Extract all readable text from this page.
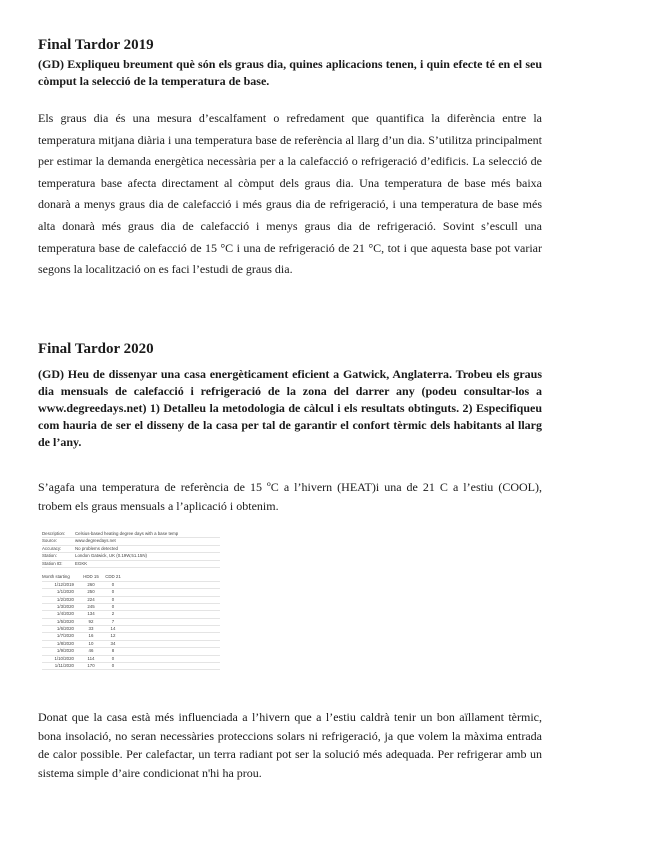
Final Tardor 2019

(GD) Expliqueu breument què són els graus dia, quines aplicacions tenen, i quin efecte té en el seu còmput la selecció de la temperatura de base.

Els graus dia és una mesura d’escalfament o refredament que quantifica la diferència entre la temperatura mitjana diària i una temperatura base de referència al llarg d’un dia. S’utilitza principalment per estimar la demanda energètica necessària per a la calefacció o refrigeració d’edificis. La selecció de temperatura base afecta directament al còmput dels graus dia. Una temperatura de base més baixa donarà a menys graus dia de calefacció i més graus dia de refrigeració, i una temperatura de base més alta donarà més graus dia de calefacció i menys graus dia de refrigeració. Sovint s’escull una temperatura base de calefacció de 15 °C i una de refrigeració de 21 °C, tot i que aquesta base pot variar segons la localització on es faci l’estudi de graus dia.

Final Tardor 2020

(GD) Heu de dissenyar una casa energèticament eficient a Gatwick, Anglaterra. Trobeu els graus dia mensuals de calefacció i refrigeració de la zona del darrer any (podeu consultar-los a www.degreedays.net) 1) Detalleu la metodologia de càlcul i els resultats obtinguts. 2) Especifiqueu com hauria de ser el disseny de la casa per tal de garantir el confort tèrmic dels habitants al llarg de l’any.

S’agafa una temperatura de referència de 15 ºC a l’hivern (HEAT)i una de 21 C a l’estiu (COOL), trobem els graus mensuals a l’aplicació i obtenim.

Description:	Celsius-based heating degree days with a base temp
Source:	www.degreedays.net
Accuracy:	No problems detected
Station:	London Gatwick, UK (0.19W,51.15N)
Station ID:	EGKK
Month starting	HDD 15	CDD 21
1/12/2019	260	0
1/1/2020	250	0
1/2/2020	224	0
1/3/2020	245	0
1/4/2020	134	2
1/5/2020	92	7
1/6/2020	33	14
1/7/2020	16	12
1/8/2020	10	34
1/9/2020	46	8
1/10/2020	114	0
1/11/2020	170	0

Donat que la casa està més influenciada a l’hivern que a l’estiu caldrà tenir un bon aïllament tèrmic, bona insolació, no seran necessàries proteccions solars ni refrigeració, ja que volem la màxima entrada de calor possible. Per calefactar, un terra radiant pot ser la solució més adequada. Per refrigerar amb un sistema simple d’aire condicionat n'hi ha prou.
